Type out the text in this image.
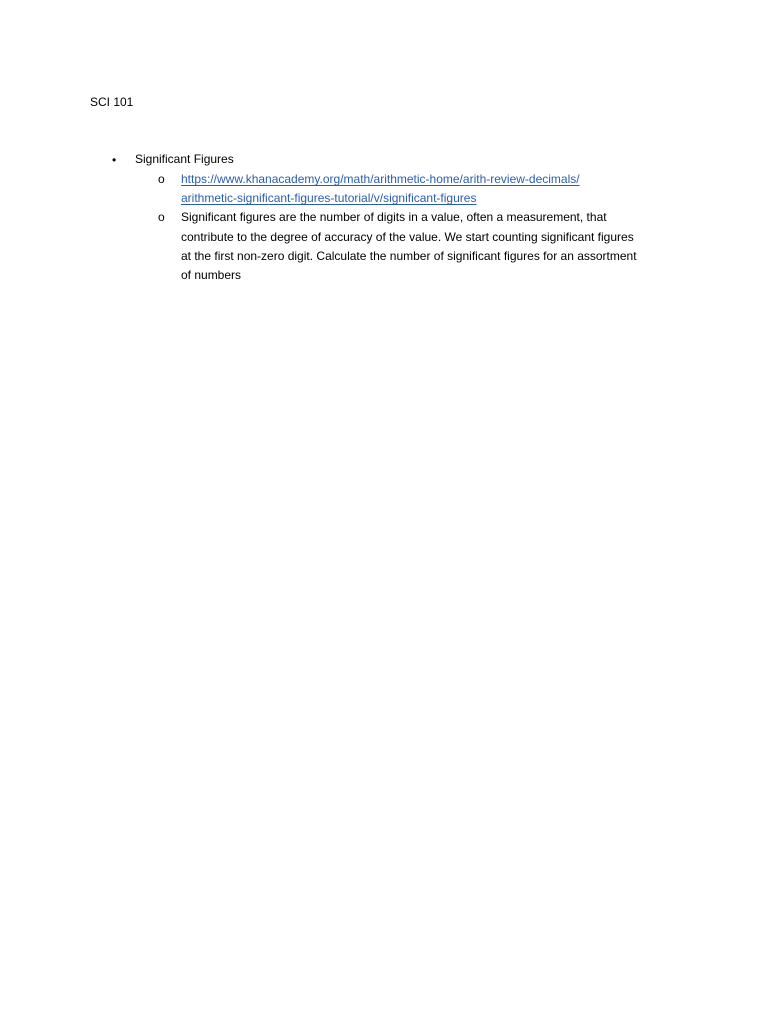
SCI 101
• Significant Figures
o https://www.khanacademy.org/math/arithmetic-home/arith-review-decimals/
arithmetic-significant-figures-tutorial/v/significant-figures
o Significant figures are the number of digits in a value, often a measurement, that
contribute to the degree of accuracy of the value. We start counting significant figures
at the first non-zero digit. Calculate the number of significant figures for an assortment
of numbers
